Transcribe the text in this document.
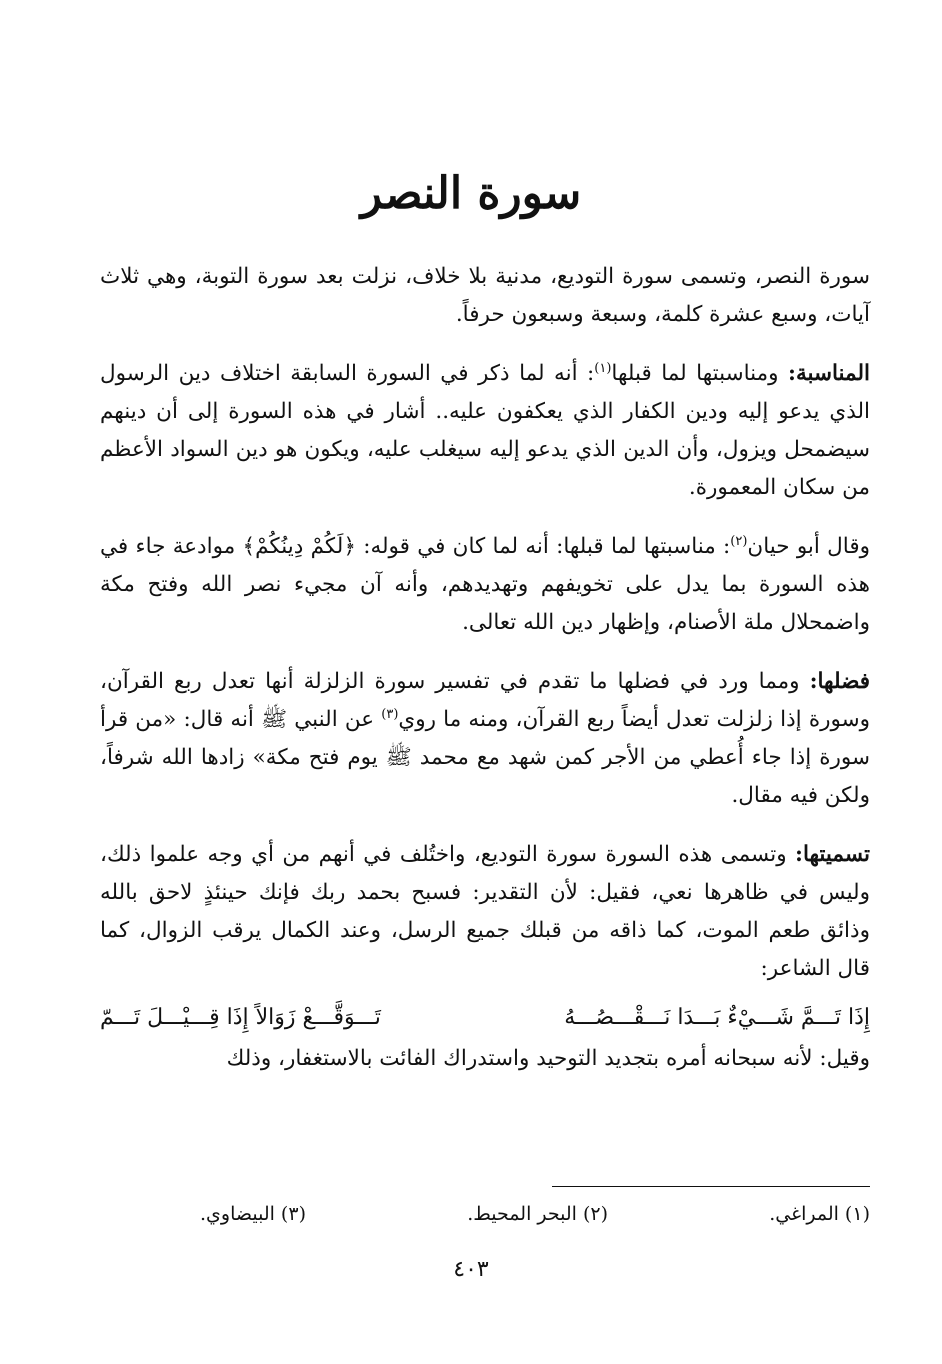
سورة النصر

سورة النصر، وتسمى سورة التوديع، مدنية بلا خلاف، نزلت بعد سورة التوبة، وهي ثلاث آيات، وسبع عشرة كلمة، وسبعة وسبعون حرفاً.

المناسبة: ومناسبتها لما قبلها$^{(١)}$: أنه لما ذكر في السورة السابقة اختلاف دين الرسول الذي يدعو إليه ودين الكفار الذي يعكفون عليه.. أشار في هذه السورة إلى أن دينهم سيضمحل ويزول، وأن الدين الذي يدعو إليه سيغلب عليه، ويكون هو دين السواد الأعظم من سكان المعمورة.

وقال أبو حيان$^{(٢)}$: مناسبتها لما قبلها: أنه لما كان في قوله: ﴿لَكُمْ دِينُكُمْ﴾ موادعة جاء في هذه السورة بما يدل على تخويفهم وتهديدهم، وأنه آن مجيء نصر الله وفتح مكة واضمحلال ملة الأصنام، وإظهار دين الله تعالى.

فضلها: ومما ورد في فضلها ما تقدم في تفسير سورة الزلزلة أنها تعدل ربع القرآن، وسورة إذا زلزلت تعدل أيضاً ربع القرآن، ومنه ما روي$^{(٣)}$ عن النبي ﷺ أنه قال: «من قرأ سورة إذا جاء أُعطي من الأجر كمن شهد مع محمد ﷺ يوم فتح مكة» زادها الله شرفاً، ولكن فيه مقال.

تسميتها: وتسمى هذه السورة سورة التوديع، واختُلف في أنهم من أي وجه علموا ذلك، وليس في ظاهرها نعي، فقيل: لأن التقدير: فسبح بحمد ربك فإنك حينئذٍ لاحق بالله وذائق طعم الموت، كما ذاقه من قبلك جميع الرسل، وعند الكمال يرقب الزوال، كما قال الشاعر:

إِذَا تَـــمَّ شَـــيْءٌ بَـــدَا نَـــقْـــصُـــهُ
تَـــوَقَّـــعْ زَوَالاً إِذَا قِـــيْـــلَ تَـــمّ

وقيل: لأنه سبحانه أمره بتجديد التوحيد واستدراك الفائت بالاستغفار، وذلك

(١) المراغي.
(٢) البحر المحيط.
(٣) البيضاوي.
٤٠٣
